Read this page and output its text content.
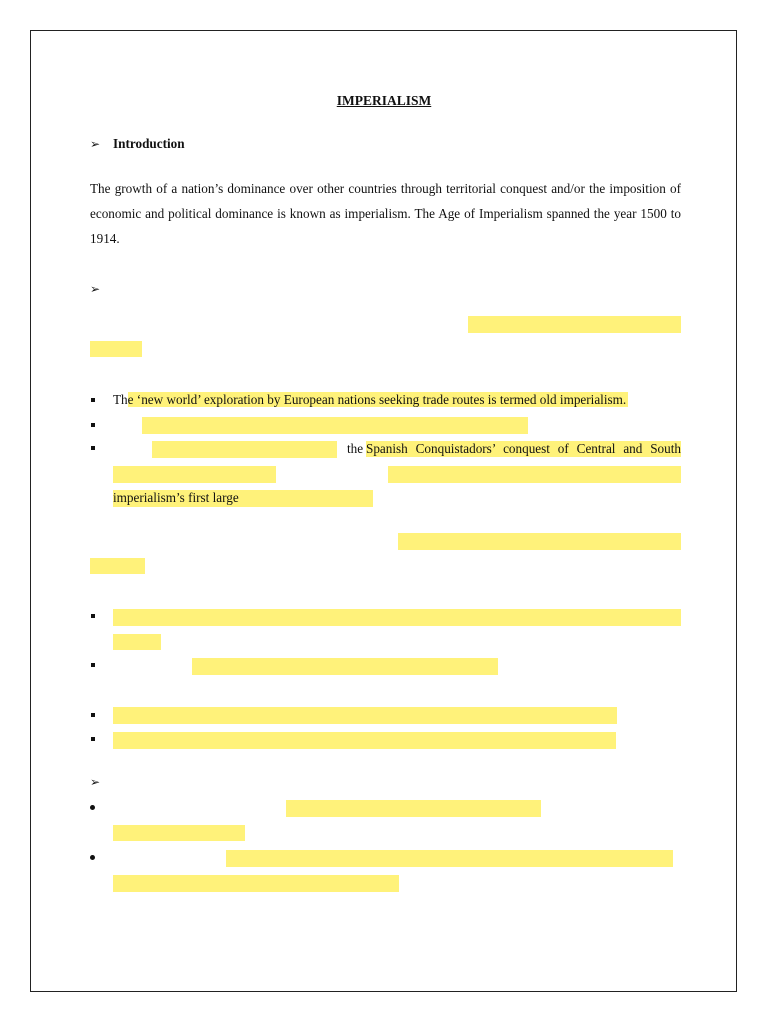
IMPERIALISM
➢ Introduction
The growth of a nation’s dominance over other countries through territorial conquest and/or the imposition of economic and political dominance is known as imperialism. The Age of Imperialism spanned the year 1500 to 1914.
➢
The ‘new world’ exploration by European nations seeking trade routes is termed old imperialism.
the Spanish Conquistadors’ conquest of Central and South
imperialism’s first large
➢
